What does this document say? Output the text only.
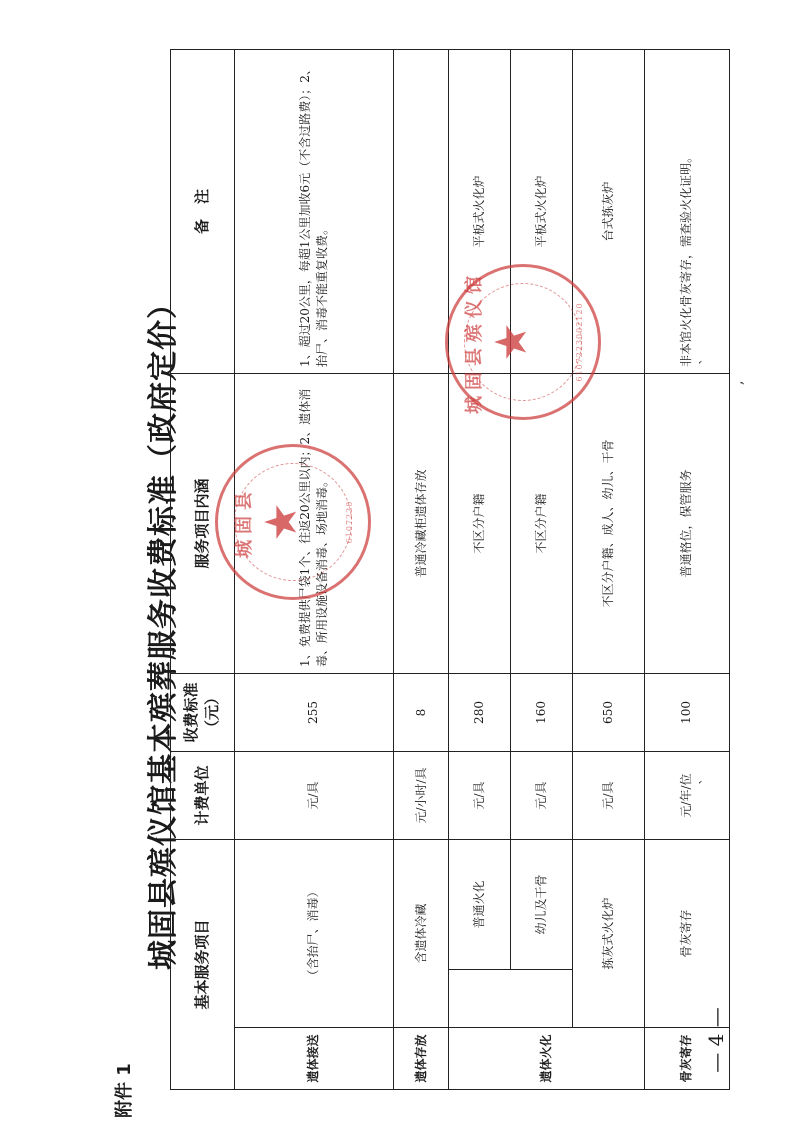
— 4 —
附件 1
城固县殡仪馆基本殡葬服务收费标准（政府定价） 基本服务项目			计费单位	收费标准（元）	服务项目内涵	备　注
遗体接送	（含抬尸、消毒）		元/具	255	1、免费提供尸袋1个、往返20公里以内；2、遗体消毒、所用设施设备消毒、场地消毒。	1、超过20公里，每超1公里加收6元（不含过路费）；2、抬尸、消毒不能重复收费。
遗体存放	含遗体冷藏		元/小时/具	8	普通冷藏柜遗体存放	
遗体火化		普通火化	元/具	280	不区分户籍	平板式火化炉
		幼儿及干骨	元/具	160	不区分户籍	平板式火化炉
	拣灰式火化炉		元/具	650	不区分户籍、成人、幼儿、干骨	台式拣灰炉
骨灰寄存	骨灰寄存		元/年/位	100	普通格位，保管服务	非本馆火化骨灰寄存，需查验火化证明。
城固县 ★	6107220
城固县殡仪馆 ★	6107223002120	`
,
`
